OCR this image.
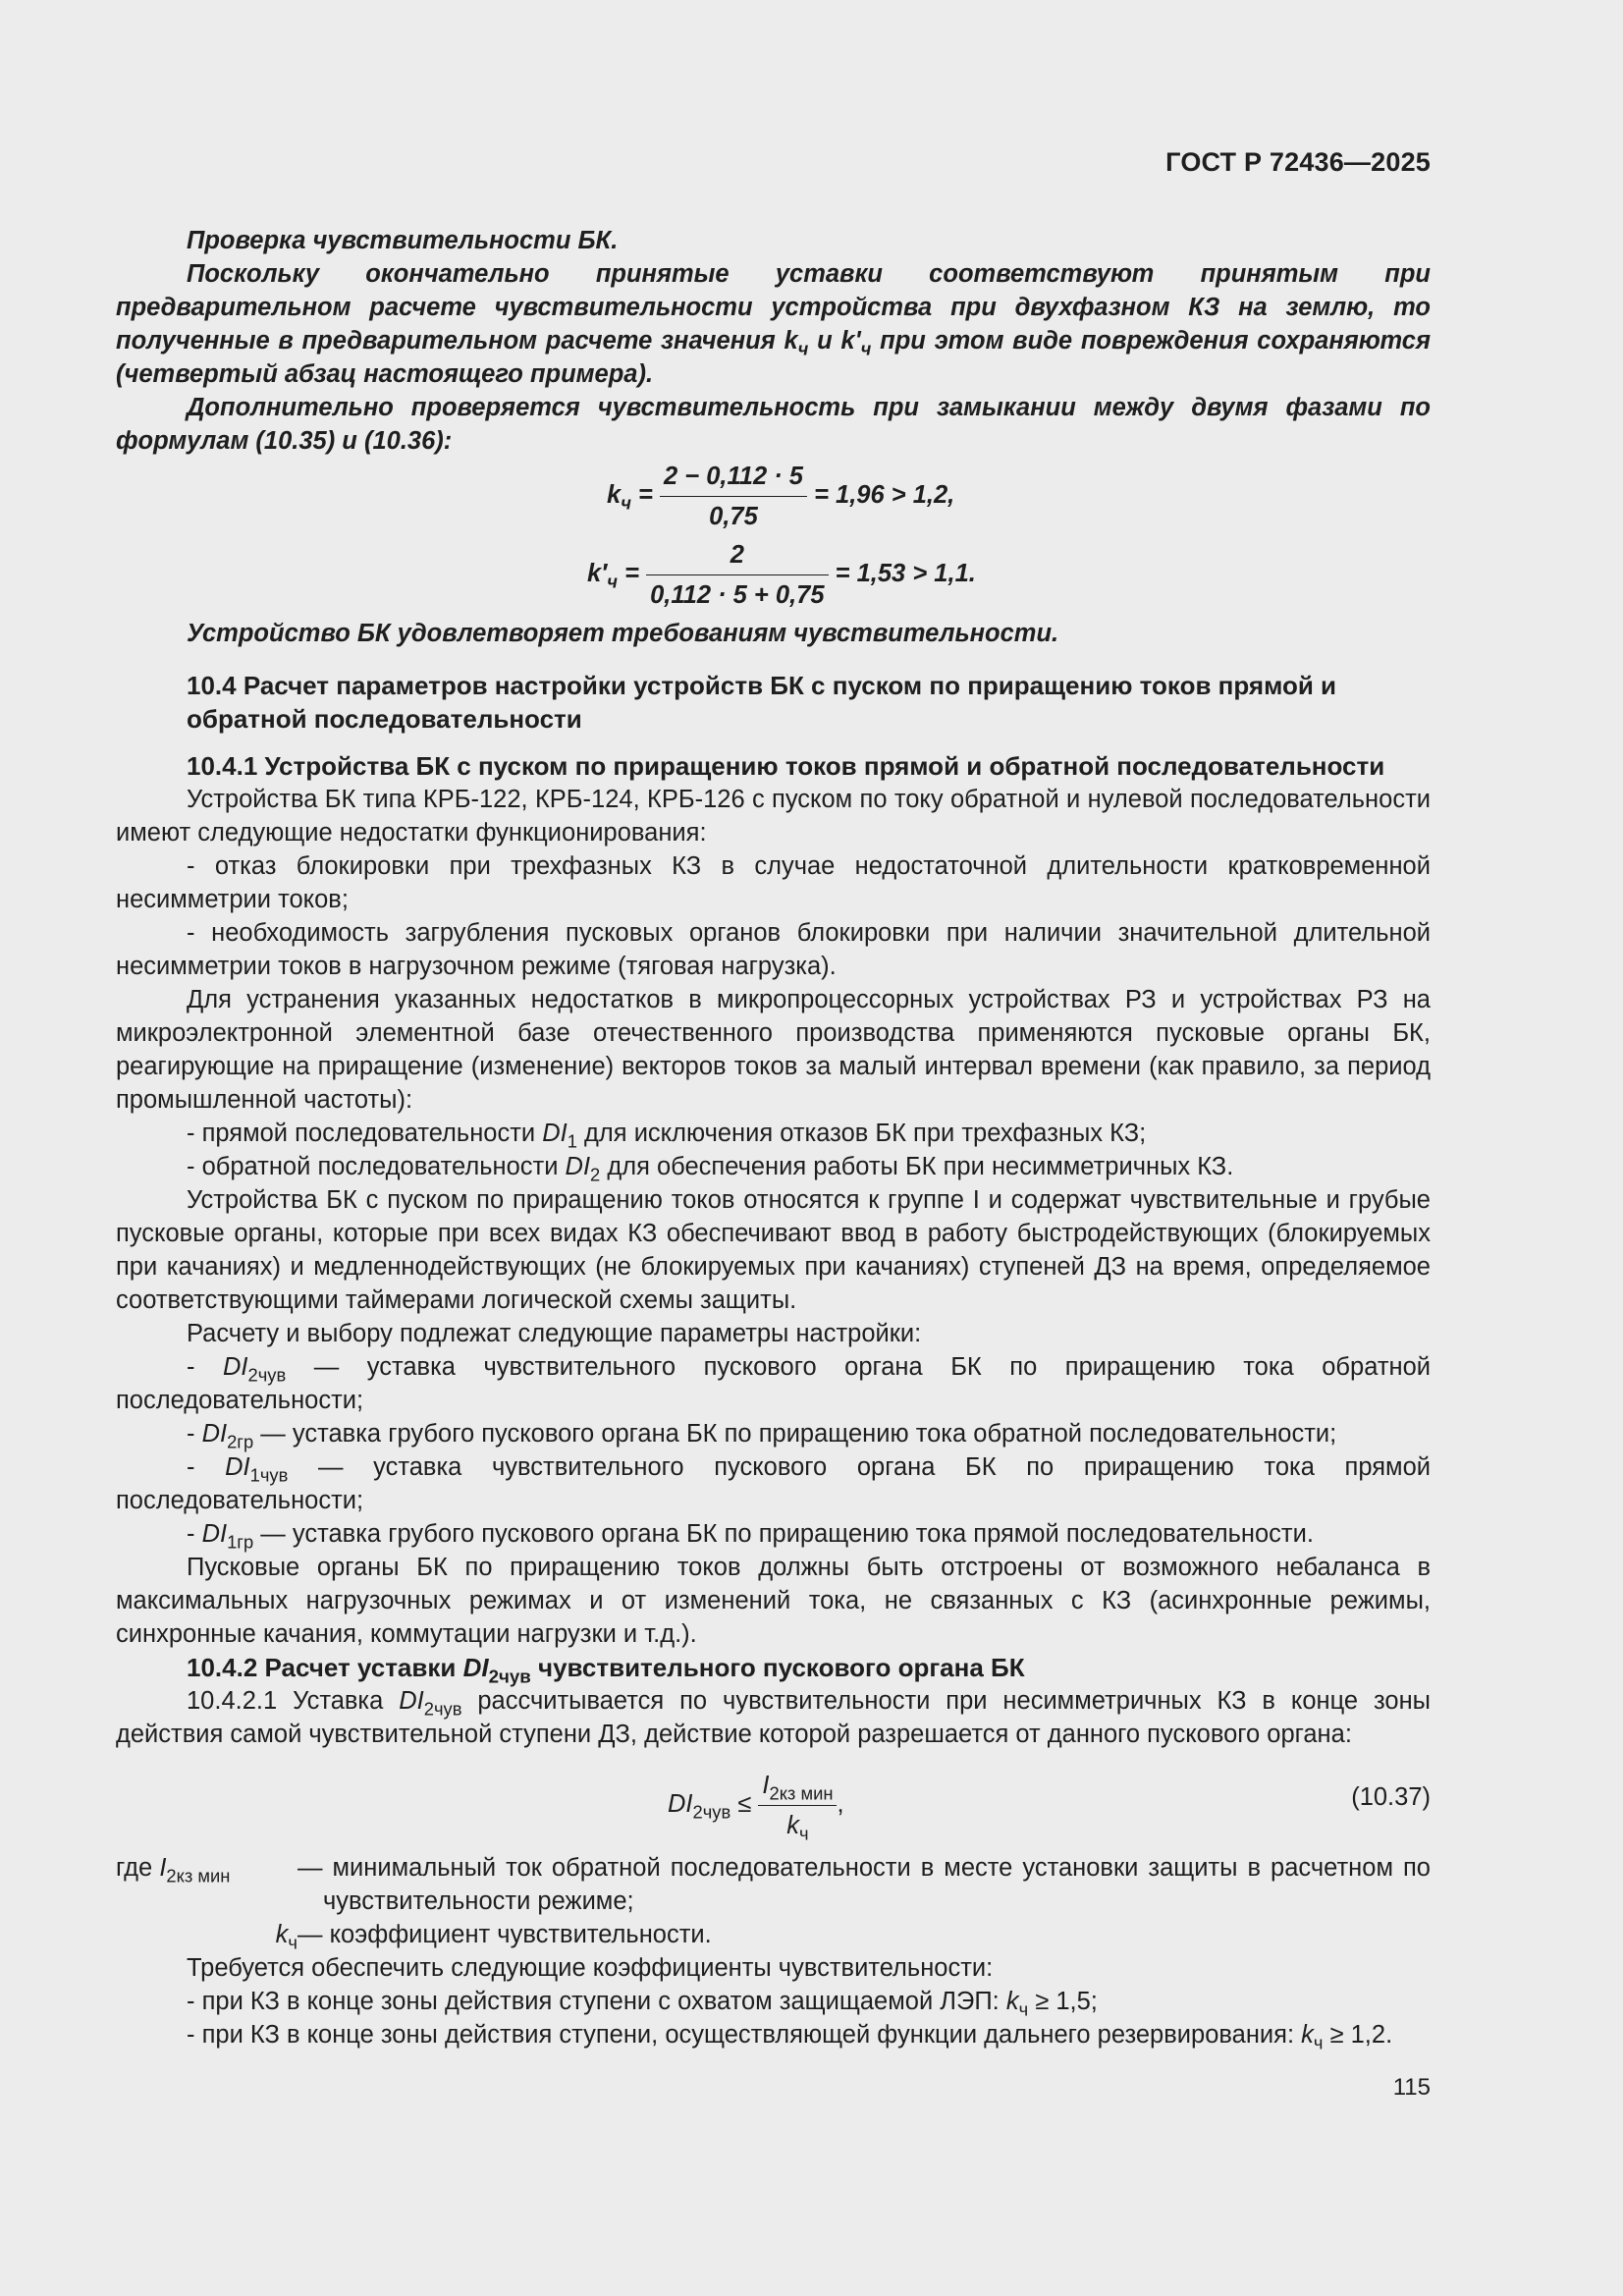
ГОСТ Р 72436—2025

Проверка чувствительности БК.

Поскольку окончательно принятые уставки соответствуют принятым при предварительном расчете чувствительности устройства при двухфазном КЗ на землю, то полученные в предварительном расчете значения $k_ч$ и $k'_ч$ при этом виде повреждения сохраняются (четвертый абзац настоящего примера).

Дополнительно проверяется чувствительность при замыкании между двумя фазами по формулам (10.35) и (10.36):

$k_ч = \frac{2 - 0,112 \cdot 5}{0,75} = 1,96 > 1,2$,
$k'_ч = \frac{2}{0,112 \cdot 5 + 0,75} = 1,53 > 1,1$.

Устройство БК удовлетворяет требованиям чувствительности.

10.4 Расчет параметров настройки устройств БК с пуском по приращению токов прямой и обратной последовательности

10.4.1 Устройства БК с пуском по приращению токов прямой и обратной последовательности

Устройства БК типа КРБ-122, КРБ-124, КРБ-126 с пуском по току обратной и нулевой последовательности имеют следующие недостатки функционирования:

- отказ блокировки при трехфазных КЗ в случае недостаточной длительности кратковременной несимметрии токов;

- необходимость загрубления пусковых органов блокировки при наличии значительной длительной несимметрии токов в нагрузочном режиме (тяговая нагрузка).

Для устранения указанных недостатков в микропроцессорных устройствах РЗ и устройствах РЗ на микроэлектронной элементной базе отечественного производства применяются пусковые органы БК, реагирующие на приращение (изменение) векторов токов за малый интервал времени (как правило, за период промышленной частоты):

- прямой последовательности $DI_1$ для исключения отказов БК при трехфазных КЗ;

- обратной последовательности $DI_2$ для обеспечения работы БК при несимметричных КЗ.

Устройства БК с пуском по приращению токов относятся к группе I и содержат чувствительные и грубые пусковые органы, которые при всех видах КЗ обеспечивают ввод в работу быстродействующих (блокируемых при качаниях) и медленнодействующих (не блокируемых при качаниях) ступеней ДЗ на время, определяемое соответствующими таймерами логической схемы защиты.

Расчету и выбору подлежат следующие параметры настройки:

- $DI_{2чув}$ — уставка чувствительного пускового органа БК по приращению тока обратной последовательности;

- $DI_{2гр}$ — уставка грубого пускового органа БК по приращению тока обратной последовательности;

- $DI_{1чув}$ — уставка чувствительного пускового органа БК по приращению тока прямой последовательности;

- $DI_{1гр}$ — уставка грубого пускового органа БК по приращению тока прямой последовательности.

Пусковые органы БК по приращению токов должны быть отстроены от возможного небаланса в максимальных нагрузочных режимах и от изменений тока, не связанных с КЗ (асинхронные режимы, синхронные качания, коммутации нагрузки и т.д.).

10.4.2 Расчет уставки $DI_{2чув}$ чувствительного пускового органа БК

10.4.2.1 Уставка $DI_{2чув}$ рассчитывается по чувствительности при несимметричных КЗ в конце зоны действия самой чувствительной ступени ДЗ, действие которой разрешается от данного пускового органа:

$DI_{2чув} \le \frac{I_{2кз мин}}{k_ч}$ ,	(10.37)
где $I_{2кз мин}$	— минимальный ток обратной последовательности в месте установки защиты в расчетном по чувствительности режиме;
$k_ч$ — коэффициент чувствительности.

Требуется обеспечить следующие коэффициенты чувствительности:

- при КЗ в конце зоны действия ступени с охватом защищаемой ЛЭП: $k_ч \ge 1,5$;

- при КЗ в конце зоны действия ступени, осуществляющей функции дальнего резервирования: $k_ч \ge 1,2$.

115
